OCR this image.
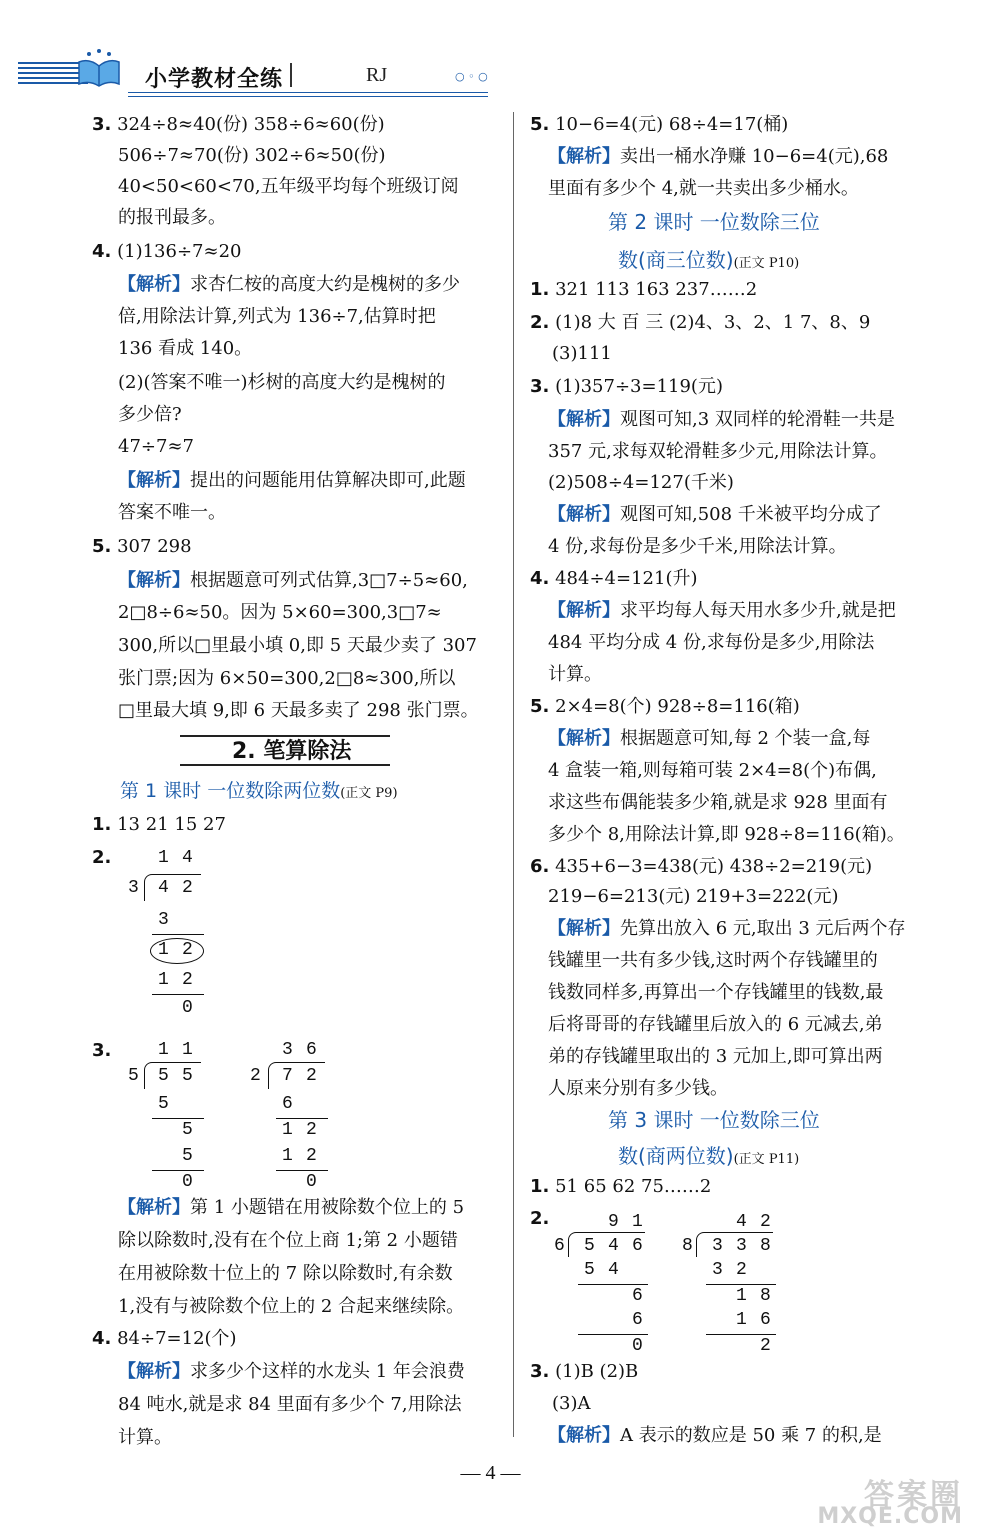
小学教材全练	RJ	○ ◦ ○
3. 324÷8≈40(份) 358÷6≈60(份)
506÷7≈70(份) 302÷6≈50(份)
40<50<60<70,五年级平均每个班级订阅
的报刊最多。
4. (1)136÷7≈20
【解析】求杏仁桉的高度大约是槐树的多少
倍,用除法计算,列式为 136÷7,估算时把
136 看成 140。
(2)(答案不唯一)杉树的高度大约是槐树的
多少倍?
47÷7≈7
【解析】提出的问题能用估算解决即可,此题
答案不唯一。
5. 307 298
【解析】根据题意可列式估算,3□7÷5≈60,
2□8÷6≈50。因为 5×60=300,3□7≈
300,所以□里最小填 0,即 5 天最少卖了 307
张门票;因为 6×50=300,2□8≈300,所以
□里最大填 9,即 6 天最多卖了 298 张门票。
2. 笔算除法
第 1 课时 一位数除两位数(正文 P9)
1. 13 21 15 27
2.	1 4
3 4 2
3
1 2
1 2
0
3.	1 1
5 5 5
5
5
5
0
3 6
2 7 2
6
1 2
1 2
0
【解析】第 1 小题错在用被除数个位上的 5
除以除数时,没有在个位上商 1;第 2 小题错
在用被除数十位上的 7 除以除数时,有余数
1,没有与被除数个位上的 2 合起来继续除。
4. 84÷7=12(个)
【解析】求多少个这样的水龙头 1 年会浪费
84 吨水,就是求 84 里面有多少个 7,用除法
计算。
5. 10−6=4(元) 68÷4=17(桶)
【解析】卖出一桶水净赚 10−6=4(元),68
里面有多少个 4,就一共卖出多少桶水。
第 2 课时 一位数除三位
数(商三位数)(正文 P10)
1. 321 113 163 237……2
2. (1)8 大 百 三 (2)4、3、2、1 7、8、9
(3)111
3. (1)357÷3=119(元)
【解析】观图可知,3 双同样的轮滑鞋一共是
357 元,求每双轮滑鞋多少元,用除法计算。
(2)508÷4=127(千米)
【解析】观图可知,508 千米被平均分成了
4 份,求每份是多少千米,用除法计算。
4. 484÷4=121(升)
【解析】求平均每人每天用水多少升,就是把
484 平均分成 4 份,求每份是多少,用除法
计算。
5. 2×4=8(个) 928÷8=116(箱)
【解析】根据题意可知,每 2 个装一盒,每
4 盒装一箱,则每箱可装 2×4=8(个)布偶,
求这些布偶能装多少箱,就是求 928 里面有
多少个 8,用除法计算,即 928÷8=116(箱)。
6. 435+6−3=438(元) 438÷2=219(元)
219−6=213(元) 219+3=222(元)
【解析】先算出放入 6 元,取出 3 元后两个存
钱罐里一共有多少钱,这时两个存钱罐里的
钱数同样多,再算出一个存钱罐里的钱数,最
后将哥哥的存钱罐里后放入的 6 元减去,弟
弟的存钱罐里取出的 3 元加上,即可算出两
人原来分别有多少钱。
第 3 课时 一位数除三位
数(商两位数)(正文 P11)
1. 51 65 62 75……2
2.	9 1
6 5 4 6
5 4
6
6
0
4 2
8 3 3 8
3 2
1 8
1 6
2
3. (1)B (2)B
(3)A
【解析】A 表示的数应是 50 乘 7 的积,是
— 4 —
答案圈
MXQE.COM
